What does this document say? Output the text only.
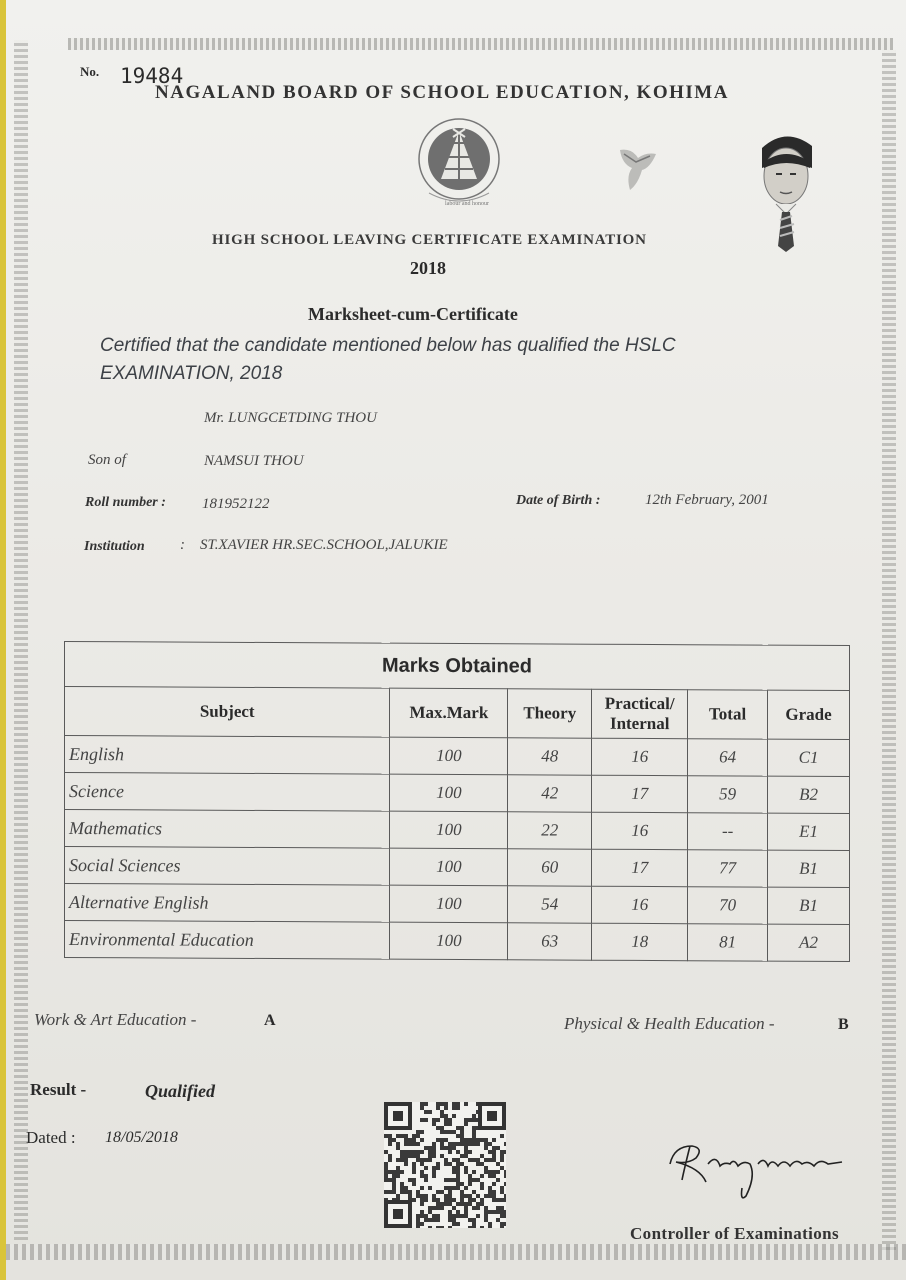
No. 19484
NAGALAND BOARD OF SCHOOL EDUCATION, KOHIMA
labour and honour
HIGH SCHOOL LEAVING CERTIFICATE EXAMINATION
2018
Marksheet-cum-Certificate
Certified that the candidate mentioned below has qualified the HSLC EXAMINATION, 2018
Mr. LUNGCETDING THOU
Son of	NAMSUI THOU
Roll number : 181952122	Date of Birth :	12th February, 2001
Institution : ST.XAVIER HR.SEC.SCHOOL,JALUKIE
Marks Obtained					
Subject	Max.Mark	Theory	Practical/ Internal	Total	Grade
English	100	48	16	64	C1
Science	100	42	17	59	B2
Mathematics	100	22	16	--	E1
Social Sciences	100	60	17	77	B1
Alternative English	100	54	16	70	B1
Environmental Education	100	63	18	81	A2
Work & Art Education -	A	Physical & Health Education -	B
Result -	Qualified
Dated : 18/05/2018
Controller of Examinations
